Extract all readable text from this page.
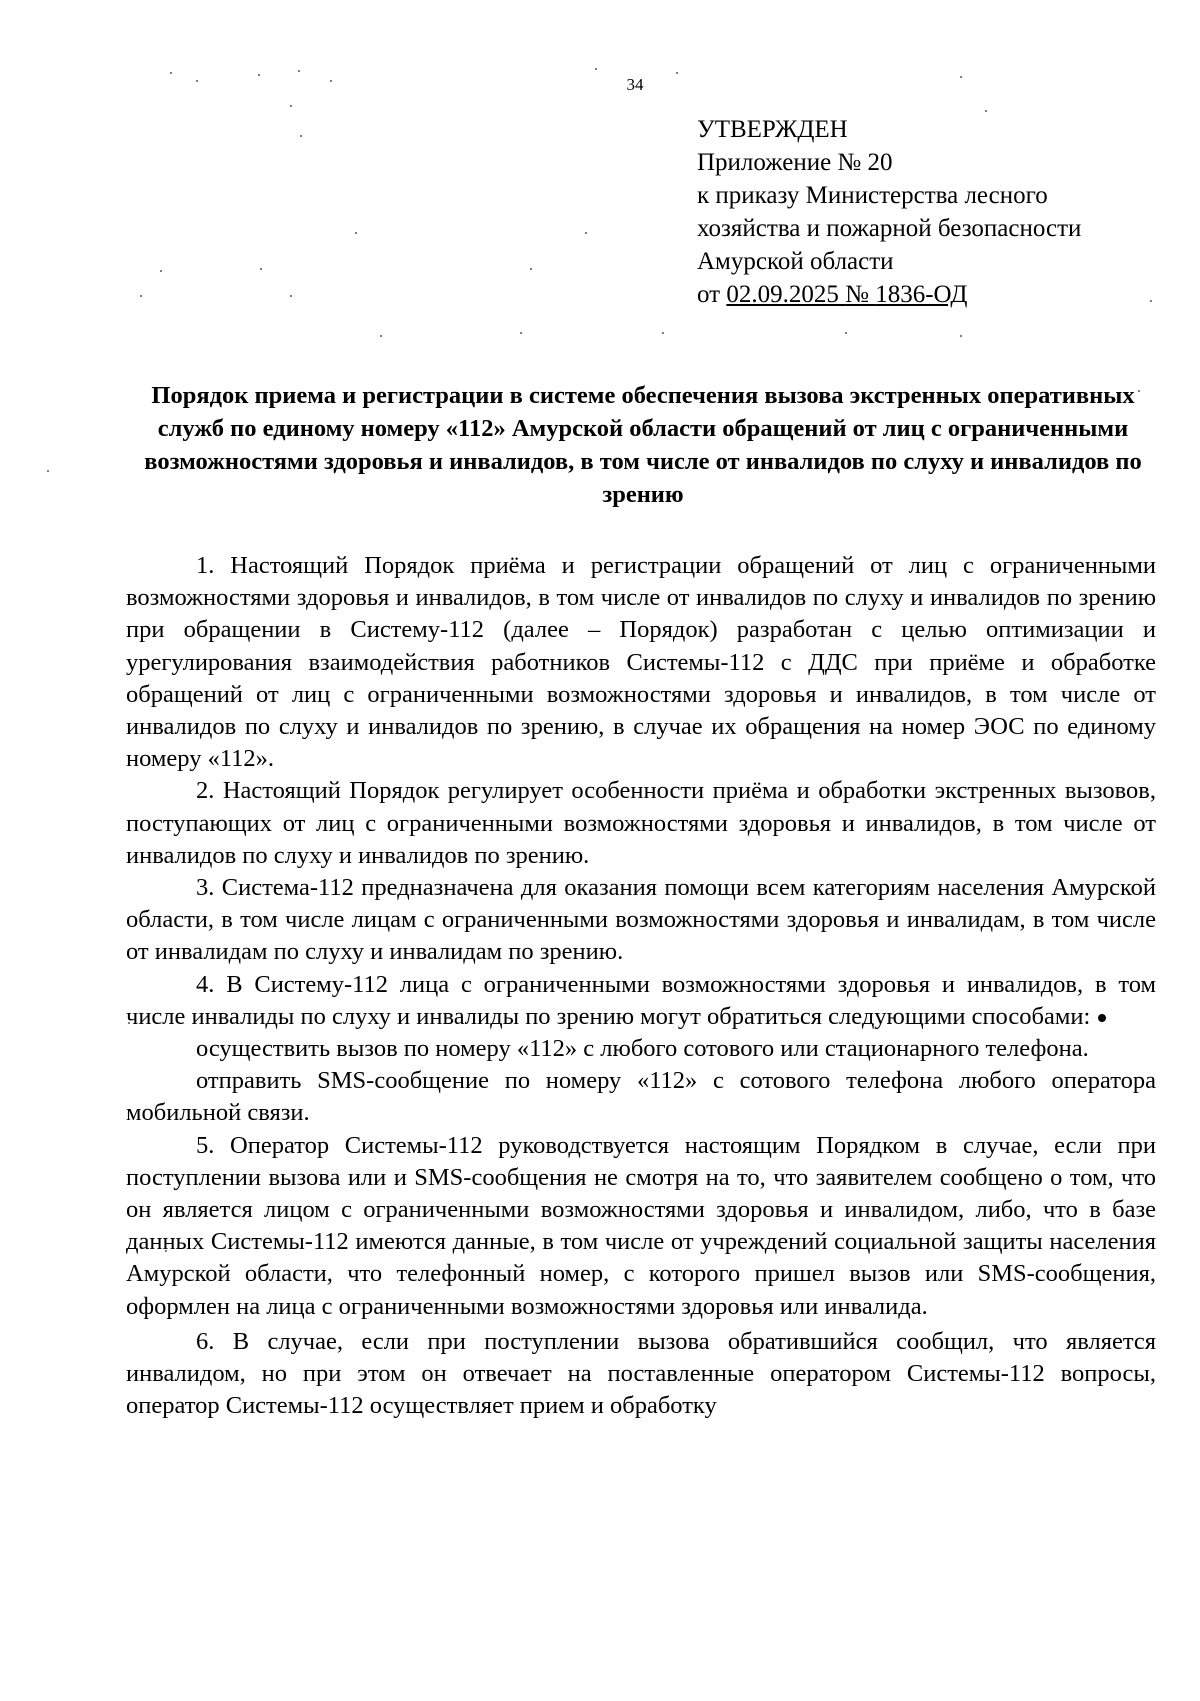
34
УТВЕРЖДЕН
Приложение № 20
к приказу Министерства лесного
хозяйства и пожарной безопасности
Амурской области
от 02.09.2025 № 1836-ОД
Порядок приема и регистрации в системе обеспечения вызова экстренных оперативных служб по единому номеру «112» Амурской области обращений от лиц с ограниченными возможностями здоровья и инвалидов, в том числе от инвалидов по слуху и инвалидов по зрению

1. Настоящий Порядок приёма и регистрации обращений от лиц с ограниченными возможностями здоровья и инвалидов, в том числе от инвалидов по слуху и инвалидов по зрению при обращении в Систему-112 (далее – Порядок) разработан с целью оптимизации и урегулирования взаимодействия работников Системы-112 с ДДС при приёме и обработке обращений от лиц с ограниченными возможностями здоровья и инвалидов, в том числе от инвалидов по слуху и инвалидов по зрению, в случае их обращения на номер ЭОС по единому номеру «112».

2. Настоящий Порядок регулирует особенности приёма и обработки экстренных вызовов, поступающих от лиц с ограниченными возможностями здоровья и инвалидов, в том числе от инвалидов по слуху и инвалидов по зрению.

3. Система-112 предназначена для оказания помощи всем категориям населения Амурской области, в том числе лицам с ограниченными возможностями здоровья и инвалидам, в том числе от инвалидам по слуху и инвалидам по зрению.

4. В Систему-112 лица с ограниченными возможностями здоровья и инвалидов, в том числе инвалиды по слуху и инвалиды по зрению могут обратиться следующими способами:

осуществить вызов по номеру «112» с любого сотового или стационарного телефона.

отправить SMS-сообщение по номеру «112» с сотового телефона любого оператора мобильной связи.

5. Оператор Системы-112 руководствуется настоящим Порядком в случае, если при поступлении вызова или и SMS-сообщения не смотря на то, что заявителем сообщено о том, что он является лицом с ограниченными возможностями здоровья и инвалидом, либо, что в базе данных Системы-112 имеются данные, в том числе от учреждений социальной защиты населения Амурской области, что телефонный номер, с которого пришел вызов или SMS-сообщения, оформлен на лица с ограниченными возможностями здоровья или инвалида.

6. В случае, если при поступлении вызова обратившийся сообщил, что является инвалидом, но при этом он отвечает на поставленные оператором Системы-112 вопросы, оператор Системы-112 осуществляет прием и обработку
